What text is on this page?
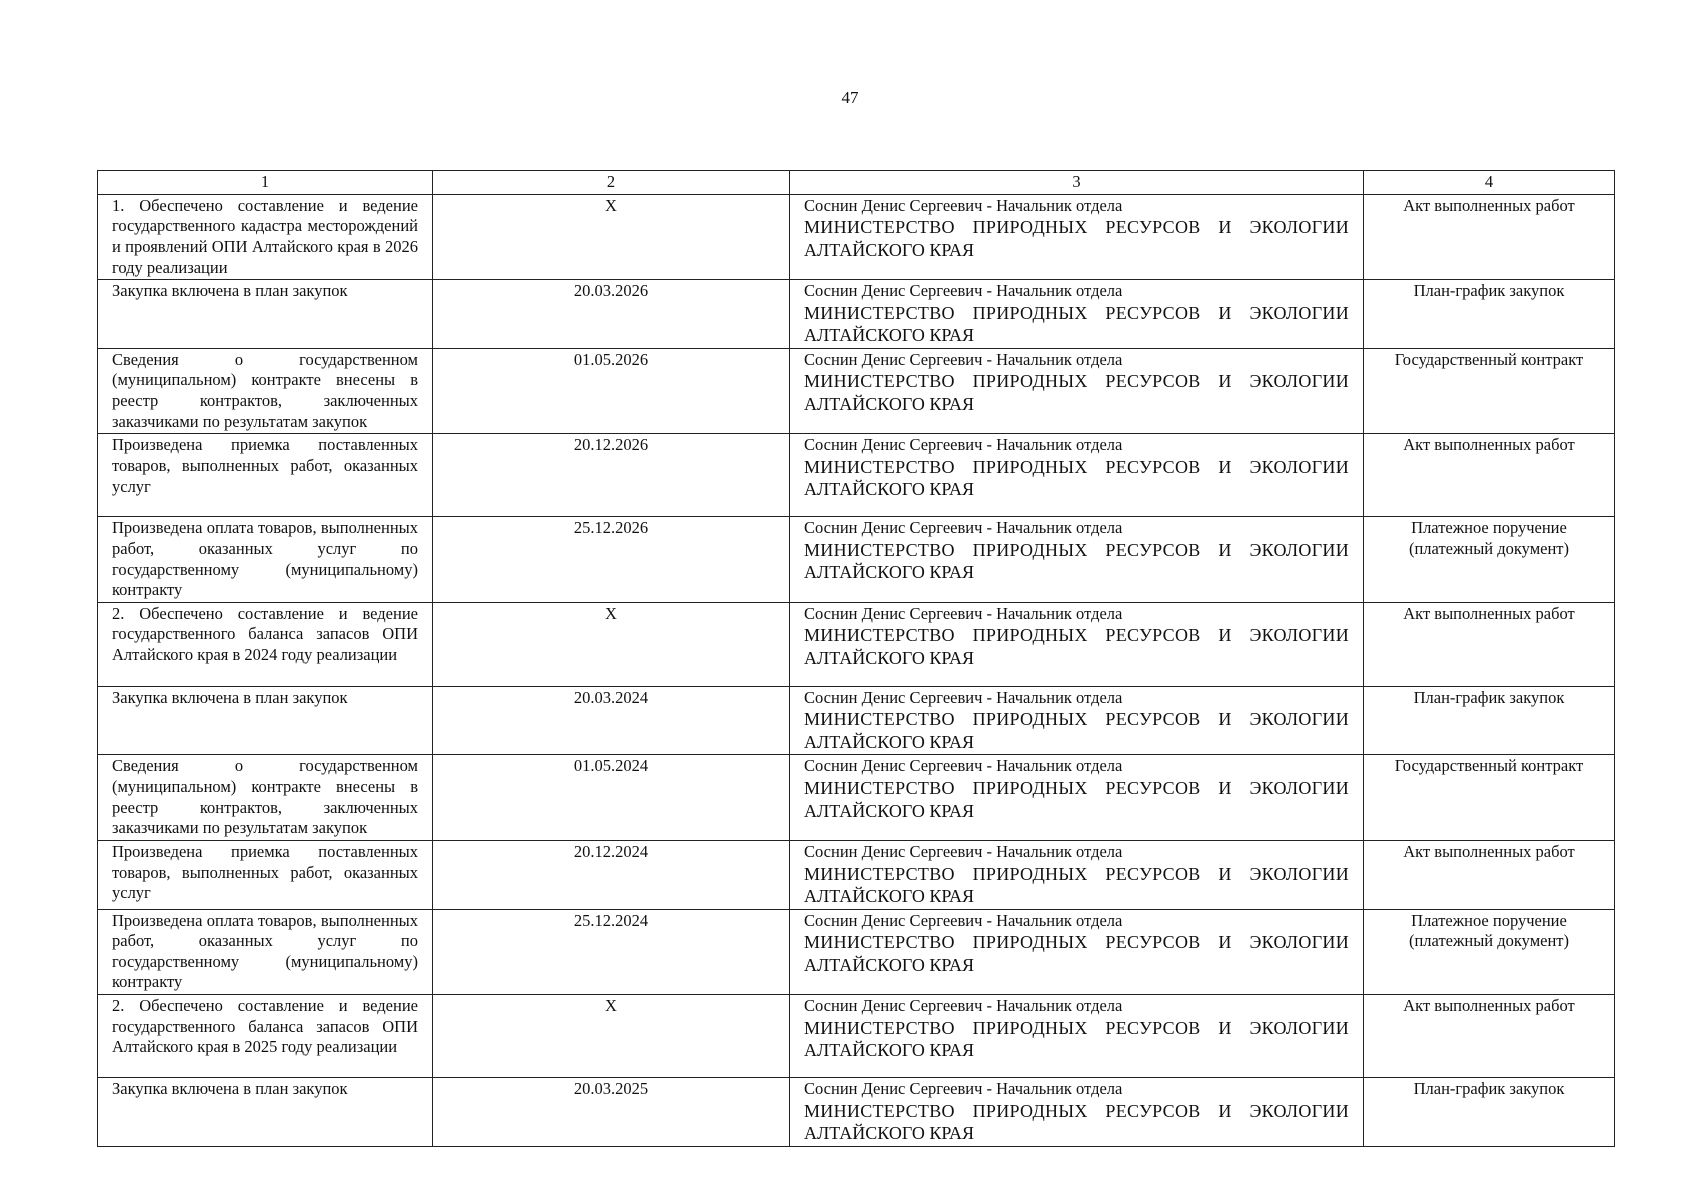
47
1	2	3	4
1. Обеспечено составление и ведение государственного кадастра месторождений и проявлений ОПИ Алтайского края в 2026 году реализации	Х	Соснин Денис Сергеевич - Начальник отдела
МИНИСТЕРСТВО ПРИРОДНЫХ РЕСУРСОВ И ЭКОЛОГИИ
АЛТАЙСКОГО КРАЯ	Акт выполненных работ
Закупка включена в план закупок	20.03.2026	Соснин Денис Сергеевич - Начальник отдела
МИНИСТЕРСТВО ПРИРОДНЫХ РЕСУРСОВ И ЭКОЛОГИИ
АЛТАЙСКОГО КРАЯ	План-график закупок
Сведения о государственном (муниципальном) контракте внесены в реестр контрактов, заключенных заказчиками по результатам закупок	01.05.2026	Соснин Денис Сергеевич - Начальник отдела
МИНИСТЕРСТВО ПРИРОДНЫХ РЕСУРСОВ И ЭКОЛОГИИ
АЛТАЙСКОГО КРАЯ	Государственный контракт
Произведена приемка поставленных товаров, выполненных работ, оказанных услуг	20.12.2026	Соснин Денис Сергеевич - Начальник отдела
МИНИСТЕРСТВО ПРИРОДНЫХ РЕСУРСОВ И ЭКОЛОГИИ
АЛТАЙСКОГО КРАЯ	Акт выполненных работ
Произведена оплата товаров, выполненных работ, оказанных услуг по государственному (муниципальному) контракту	25.12.2026	Соснин Денис Сергеевич - Начальник отдела
МИНИСТЕРСТВО ПРИРОДНЫХ РЕСУРСОВ И ЭКОЛОГИИ
АЛТАЙСКОГО КРАЯ	Платежное поручение (платежный документ)
2. Обеспечено составление и ведение государственного баланса запасов ОПИ Алтайского края в 2024 году реализации	Х	Соснин Денис Сергеевич - Начальник отдела
МИНИСТЕРСТВО ПРИРОДНЫХ РЕСУРСОВ И ЭКОЛОГИИ
АЛТАЙСКОГО КРАЯ	Акт выполненных работ
Закупка включена в план закупок	20.03.2024	Соснин Денис Сергеевич - Начальник отдела
МИНИСТЕРСТВО ПРИРОДНЫХ РЕСУРСОВ И ЭКОЛОГИИ
АЛТАЙСКОГО КРАЯ	План-график закупок
Сведения о государственном (муниципальном) контракте внесены в реестр контрактов, заключенных заказчиками по результатам закупок	01.05.2024	Соснин Денис Сергеевич - Начальник отдела
МИНИСТЕРСТВО ПРИРОДНЫХ РЕСУРСОВ И ЭКОЛОГИИ
АЛТАЙСКОГО КРАЯ	Государственный контракт
Произведена приемка поставленных товаров, выполненных работ, оказанных услуг	20.12.2024	Соснин Денис Сергеевич - Начальник отдела
МИНИСТЕРСТВО ПРИРОДНЫХ РЕСУРСОВ И ЭКОЛОГИИ
АЛТАЙСКОГО КРАЯ	Акт выполненных работ
Произведена оплата товаров, выполненных работ, оказанных услуг по государственному (муниципальному) контракту	25.12.2024	Соснин Денис Сергеевич - Начальник отдела
МИНИСТЕРСТВО ПРИРОДНЫХ РЕСУРСОВ И ЭКОЛОГИИ
АЛТАЙСКОГО КРАЯ	Платежное поручение (платежный документ)
2. Обеспечено составление и ведение государственного баланса запасов ОПИ Алтайского края в 2025 году реализации	Х	Соснин Денис Сергеевич - Начальник отдела
МИНИСТЕРСТВО ПРИРОДНЫХ РЕСУРСОВ И ЭКОЛОГИИ
АЛТАЙСКОГО КРАЯ	Акт выполненных работ
Закупка включена в план закупок	20.03.2025	Соснин Денис Сергеевич - Начальник отдела
МИНИСТЕРСТВО ПРИРОДНЫХ РЕСУРСОВ И ЭКОЛОГИИ
АЛТАЙСКОГО КРАЯ	План-график закупок
